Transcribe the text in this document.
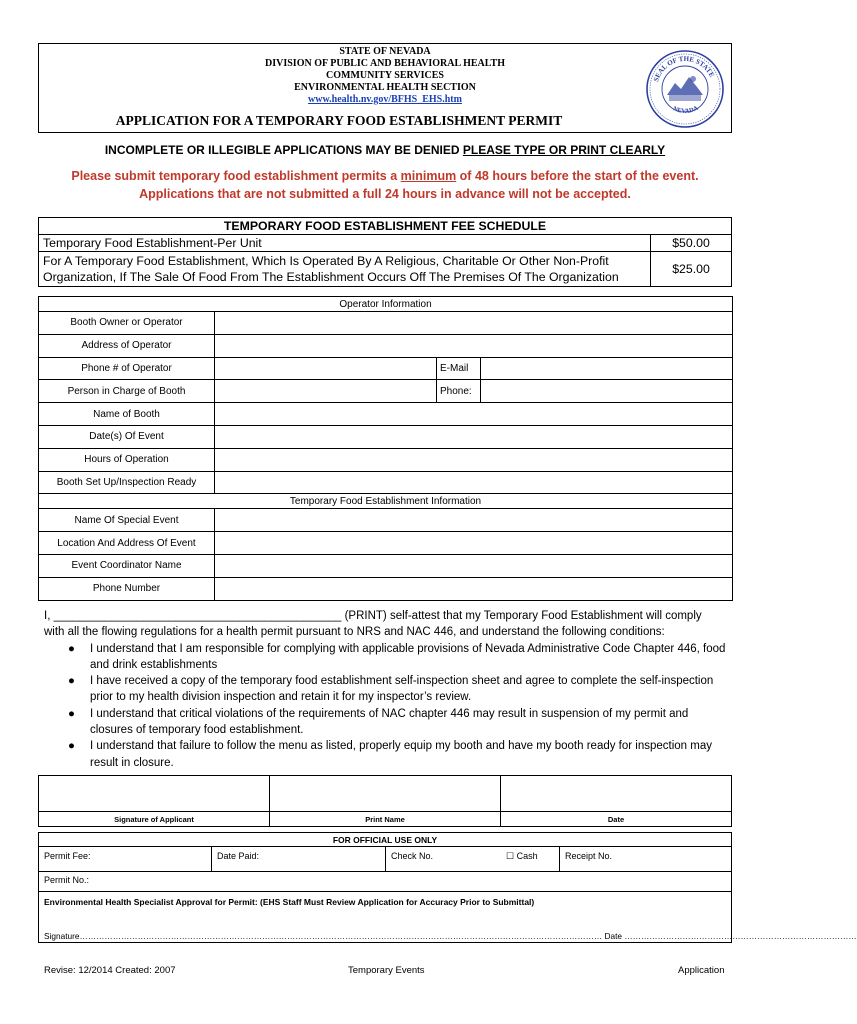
STATE OF NEVADA
DIVISION OF PUBLIC AND BEHAVIORAL HEALTH
COMMUNITY SERVICES
ENVIRONMENTAL HEALTH SECTION
www.health.nv.gov/BFHS_EHS.htm
APPLICATION FOR A TEMPORARY FOOD ESTABLISHMENT PERMIT
SEAL OF THE STATE
NEVADA
INCOMPLETE OR ILLEGIBLE APPLICATIONS MAY BE DENIED PLEASE TYPE OR PRINT CLEARLY
Please submit temporary food establishment permits a minimum of 48 hours before the start of the event.
Applications that are not submitted a full 24 hours in advance will not be accepted.
TEMPORARY FOOD ESTABLISHMENT FEE SCHEDULE	
Temporary Food Establishment-Per Unit	$50.00
For A Temporary Food Establishment, Which Is Operated By A Religious, Charitable Or Other Non-Profit Organization, If The Sale Of Food From The Establishment Occurs Off The Premises Of The Organization	$25.00
Operator Information			
Booth Owner or Operator			
Address of Operator			
Phone # of Operator		E-Mail	
Person in Charge of Booth		Phone:	
Name of Booth			
Date(s) Of Event			
Hours of Operation			
Booth Set Up/Inspection Ready			
Temporary Food Establishment Information			
Name Of Special Event			
Location And Address Of Event			
Event Coordinator Name			
Phone Number			
I, _____________________________________________ (PRINT) self-attest that my Temporary Food Establishment will comply
with all the flowing regulations for a health permit pursuant to NRS and NAC 446, and understand the following conditions:
● I understand that I am responsible for complying with applicable provisions of Nevada Administrative Code Chapter 446, food and drink establishments
● I have received a copy of the temporary food establishment self-inspection sheet and agree to complete the self-inspection prior to my health division inspection and retain it for my inspector’s review.
● I understand that critical violations of the requirements of NAC chapter 446 may result in suspension of my permit and closures of temporary food establishment.
● I understand that failure to follow the menu as listed, properly equip my booth and have my booth ready for inspection may result in closure.

Signature of Applicant	Print Name	Date
FOR OFFICIAL USE ONLY
Permit Fee:	Date Paid:	Check No.	☐ Cash	Receipt No.
Permit No.:
Environmental Health Specialist Approval for Permit: (EHS Staff Must Review Application for Accuracy Prior to Submittal)
Signature……………………………………………………………………………………………………………………………………………………………………… Date …………………………………………………………………………
Revise: 12/2014 Created: 2007	Temporary Events	Application
